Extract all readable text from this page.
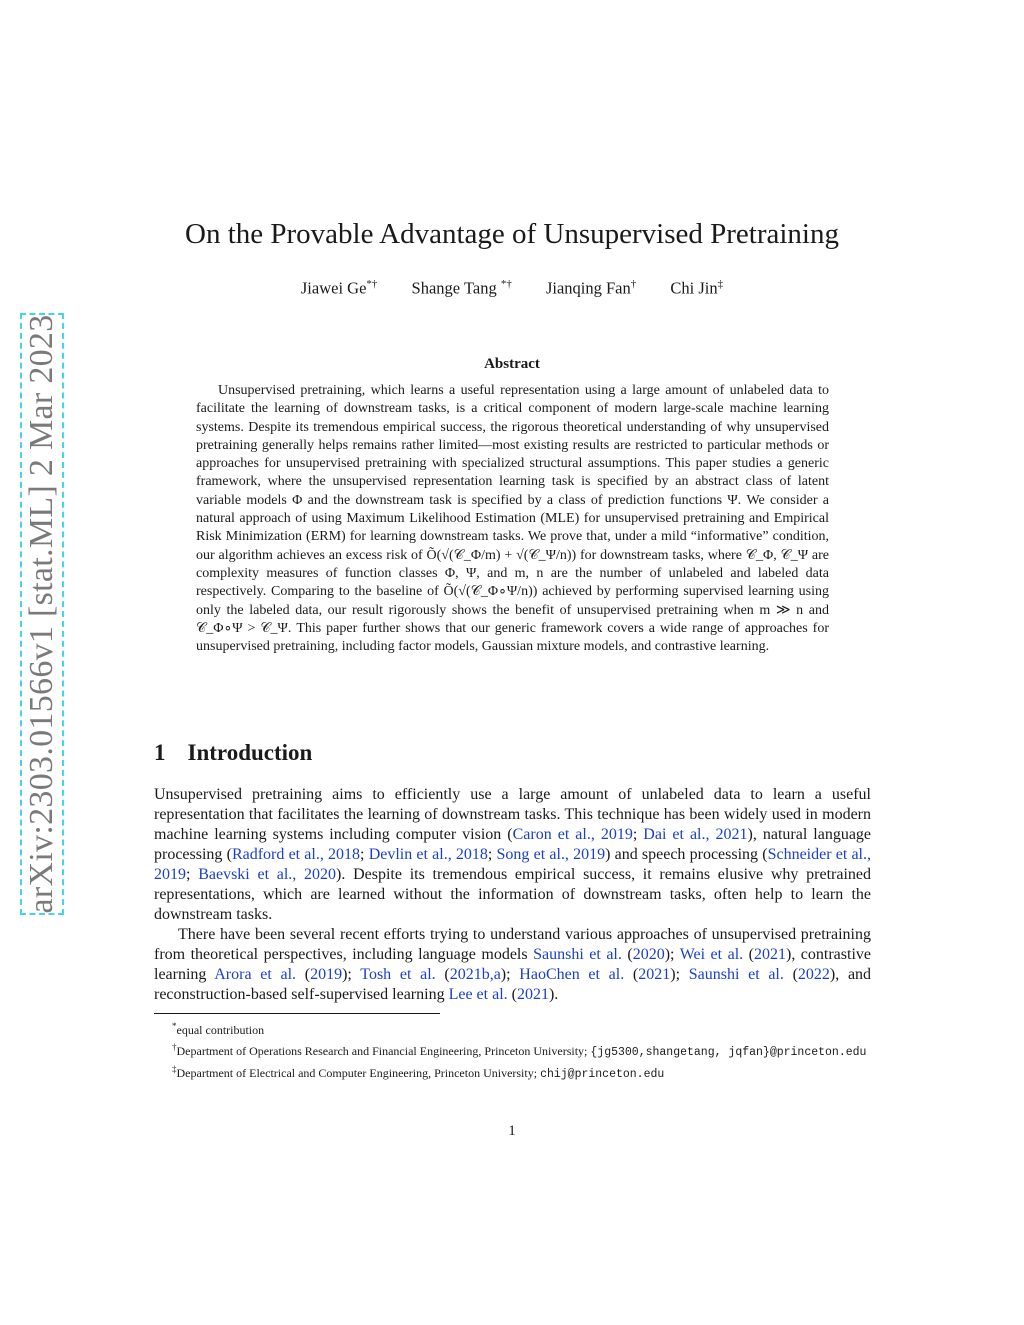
arXiv:2303.01566v1 [stat.ML] 2 Mar 2023
On the Provable Advantage of Unsupervised Pretraining
Jiawei Ge*† Shange Tang *† Jianqing Fan† Chi Jin‡
Abstract
Unsupervised pretraining, which learns a useful representation using a large amount of unlabeled data to facilitate the learning of downstream tasks, is a critical component of modern large-scale machine learning systems. Despite its tremendous empirical success, the rigorous theoretical understanding of why unsupervised pretraining generally helps remains rather limited—most existing results are restricted to particular methods or approaches for unsupervised pretraining with specialized structural assumptions. This paper studies a generic framework, where the unsupervised representation learning task is specified by an abstract class of latent variable models Φ and the downstream task is specified by a class of prediction functions Ψ. We consider a natural approach of using Maximum Likelihood Estimation (MLE) for unsupervised pretraining and Empirical Risk Minimization (ERM) for learning downstream tasks. We prove that, under a mild “informative” condition, our algorithm achieves an excess risk of Õ(√(𝒞_Φ/m) + √(𝒞_Ψ/n)) for downstream tasks, where 𝒞_Φ, 𝒞_Ψ are complexity measures of function classes Φ, Ψ, and m, n are the number of unlabeled and labeled data respectively. Comparing to the baseline of Õ(√(𝒞_Φ∘Ψ/n)) achieved by performing supervised learning using only the labeled data, our result rigorously shows the benefit of unsupervised pretraining when m ≫ n and 𝒞_Φ∘Ψ > 𝒞_Ψ. This paper further shows that our generic framework covers a wide range of approaches for unsupervised pretraining, including factor models, Gaussian mixture models, and contrastive learning.
1 Introduction
Unsupervised pretraining aims to efficiently use a large amount of unlabeled data to learn a useful representation that facilitates the learning of downstream tasks. This technique has been widely used in modern machine learning systems including computer vision (Caron et al., 2019; Dai et al., 2021), natural language processing (Radford et al., 2018; Devlin et al., 2018; Song et al., 2019) and speech processing (Schneider et al., 2019; Baevski et al., 2020). Despite its tremendous empirical success, it remains elusive why pretrained representations, which are learned without the information of downstream tasks, often help to learn the downstream tasks.
There have been several recent efforts trying to understand various approaches of unsupervised pretraining from theoretical perspectives, including language models Saunshi et al. (2020); Wei et al. (2021), contrastive learning Arora et al. (2019); Tosh et al. (2021b,a); HaoChen et al. (2021); Saunshi et al. (2022), and reconstruction-based self-supervised learning Lee et al. (2021).
*equal contribution
†Department of Operations Research and Financial Engineering, Princeton University; {jg5300,shangetang, jqfan}@princeton.edu
‡Department of Electrical and Computer Engineering, Princeton University; chij@princeton.edu
1
